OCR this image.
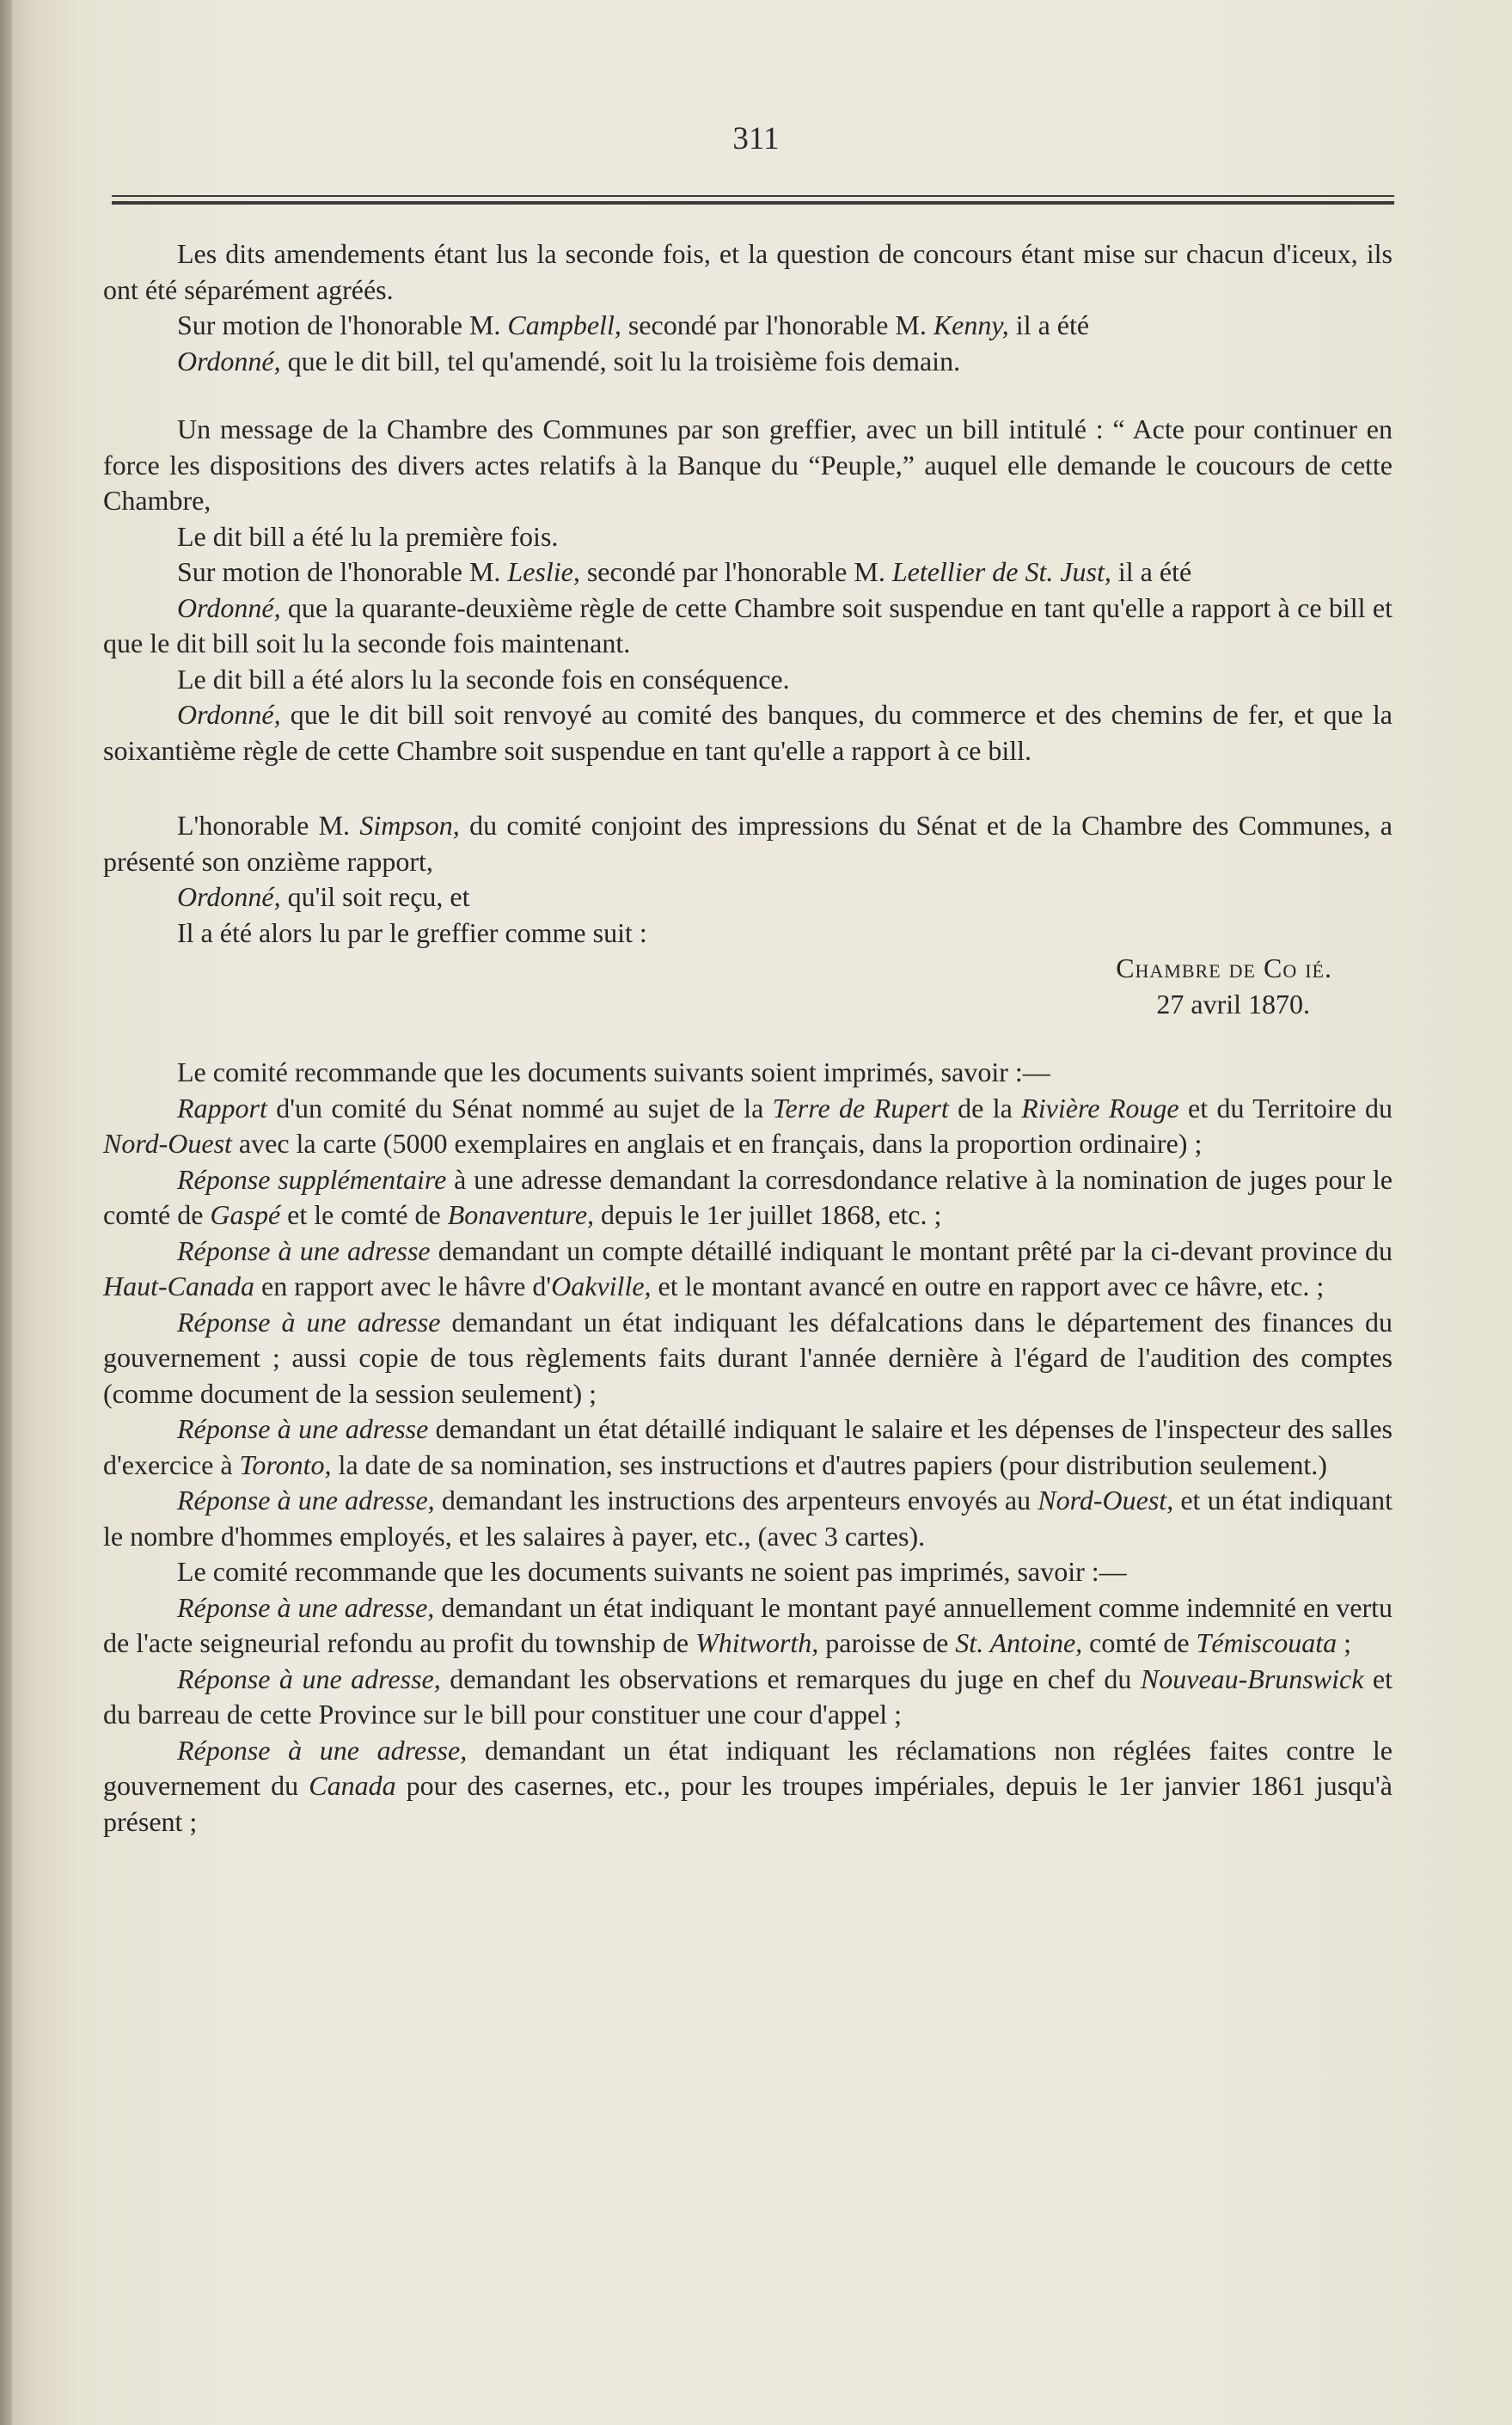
311

Les dits amendements étant lus la seconde fois, et la question de concours étant mise sur chacun d'iceux, ils ont été séparément agréés.

Sur motion de l'honorable M. Campbell, secondé par l'honorable M. Kenny, il a été

Ordonné, que le dit bill, tel qu'amendé, soit lu la troisième fois demain.

Un message de la Chambre des Communes par son greffier, avec un bill intitulé : “ Acte pour continuer en force les dispositions des divers actes relatifs à la Banque du “Peuple,” auquel elle demande le coucours de cette Chambre,

Le dit bill a été lu la première fois.

Sur motion de l'honorable M. Leslie, secondé par l'honorable M. Letellier de St. Just, il a été

Ordonné, que la quarante-deuxième règle de cette Chambre soit suspendue en tant qu'elle a rapport à ce bill et que le dit bill soit lu la seconde fois maintenant.

Le dit bill a été alors lu la seconde fois en conséquence.

Ordonné, que le dit bill soit renvoyé au comité des banques, du commerce et des chemins de fer, et que la soixantième règle de cette Chambre soit suspendue en tant qu'elle a rapport à ce bill.

L'honorable M. Simpson, du comité conjoint des impressions du Sénat et de la Chambre des Communes, a présenté son onzième rapport,

Ordonné, qu'il soit reçu, et

Il a été alors lu par le greffier comme suit :

Chambre de Co ié.

27 avril 1870.

Le comité recommande que les documents suivants soient imprimés, savoir :—

Rapport d'un comité du Sénat nommé au sujet de la Terre de Rupert de la Rivière Rouge et du Territoire du Nord-Ouest avec la carte (5000 exemplaires en anglais et en français, dans la proportion ordinaire) ;

Réponse supplémentaire à une adresse demandant la corresdondance relative à la nomination de juges pour le comté de Gaspé et le comté de Bonaventure, depuis le 1er juillet 1868, etc. ;

Réponse à une adresse demandant un compte détaillé indiquant le montant prêté par la ci-devant province du Haut-Canada en rapport avec le hâvre d'Oakville, et le montant avancé en outre en rapport avec ce hâvre, etc. ;

Réponse à une adresse demandant un état indiquant les défalcations dans le département des finances du gouvernement ; aussi copie de tous règlements faits durant l'année dernière à l'égard de l'audition des comptes (comme document de la session seulement) ;

Réponse à une adresse demandant un état détaillé indiquant le salaire et les dépenses de l'inspecteur des salles d'exercice à Toronto, la date de sa nomination, ses instructions et d'autres papiers (pour distribution seulement.)

Réponse à une adresse, demandant les instructions des arpenteurs envoyés au Nord-Ouest, et un état indiquant le nombre d'hommes employés, et les salaires à payer, etc., (avec 3 cartes).

Le comité recommande que les documents suivants ne soient pas imprimés, savoir :—

Réponse à une adresse, demandant un état indiquant le montant payé annuellement comme indemnité en vertu de l'acte seigneurial refondu au profit du township de Whitworth, paroisse de St. Antoine, comté de Témiscouata ;

Réponse à une adresse, demandant les observations et remarques du juge en chef du Nouveau-Brunswick et du barreau de cette Province sur le bill pour constituer une cour d'appel ;

Réponse à une adresse, demandant un état indiquant les réclamations non réglées faites contre le gouvernement du Canada pour des casernes, etc., pour les troupes impériales, depuis le 1er janvier 1861 jusqu'à présent ;
